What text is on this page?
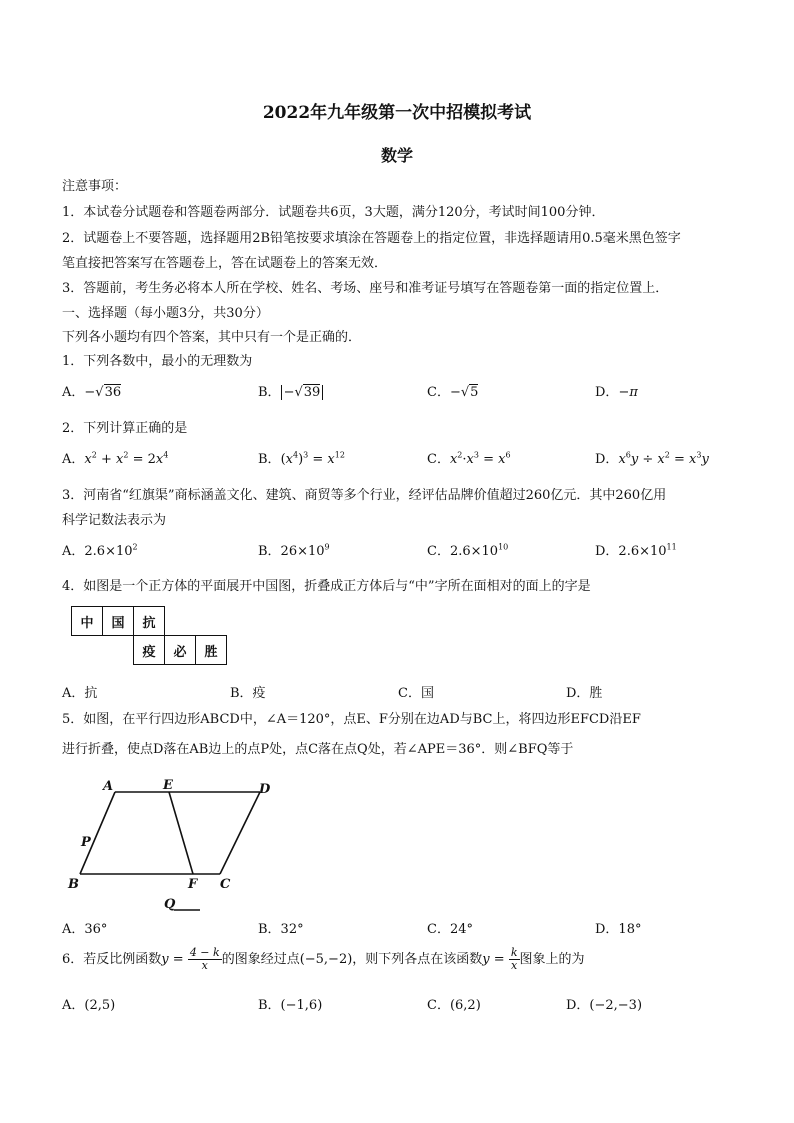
2022年九年级第一次中招模拟考试
数学
注意事项：
1．本试卷分试题卷和答题卷两部分．试题卷共6页，3大题，满分120分，考试时间100分钟．
2．试题卷上不要答题，选择题用2B铅笔按要求填涂在答题卷上的指定位置，非选择题请用0.5毫米黑色签字
笔直接把答案写在答题卷上，答在试题卷上的答案无效．
3．答题前，考生务必将本人所在学校、姓名、考场、座号和准考证号填写在答题卷第一面的指定位置上．
一、选择题（每小题3分，共30分）
下列各小题均有四个答案，其中只有一个是正确的．
1．下列各数中，最小的无理数为
A．−√36	B． −√39	C．−√5	D．−π
2．下列计算正确的是
A．$x^2 + x^2 = 2x^4$	B．$(x^4)^3 = x^{12}$	C．$x^2\cdot x^3 = x^6$	D．$x^6y \div x^2 = x^3y$
3．河南省“红旗渠”商标涵盖文化、建筑、商贸等多个行业，经评估品牌价值超过260亿元．其中260亿用
科学记数法表示为
A．$2.6\times 10^2$	B．$26\times 10^9$	C．$2.6\times 10^{10}$	D．$2.6\times 10^{11}$
4．如图是一个正方体的平面展开中国图，折叠成正方体后与“中”字所在面相对的面上的字是
中	国	抗		
		疫	必	胜
A．抗	B．疫	C．国	D．胜
5．如图，在平行四边形ABCD中，∠A＝120°，点E、F分别在边AD与BC上，将四边形EFCD沿EF
进行折叠，使点D落在AB边上的点P处，点C落在点Q处，若∠APE＝36°．则∠BFQ等于
A	E	D
P
B	F C
Q
A．36°	B．32°	C．24°	D．18°
6．若反比例函数$y = \frac{4 - k}{x}$ 的图象经过点(−5,−2)，则下列各点在该函数$y = \frac{k}{x}$ 图象上的为
A．(2,5)	B．(−1,6)	C．(6,2)	D．(−2,−3)
